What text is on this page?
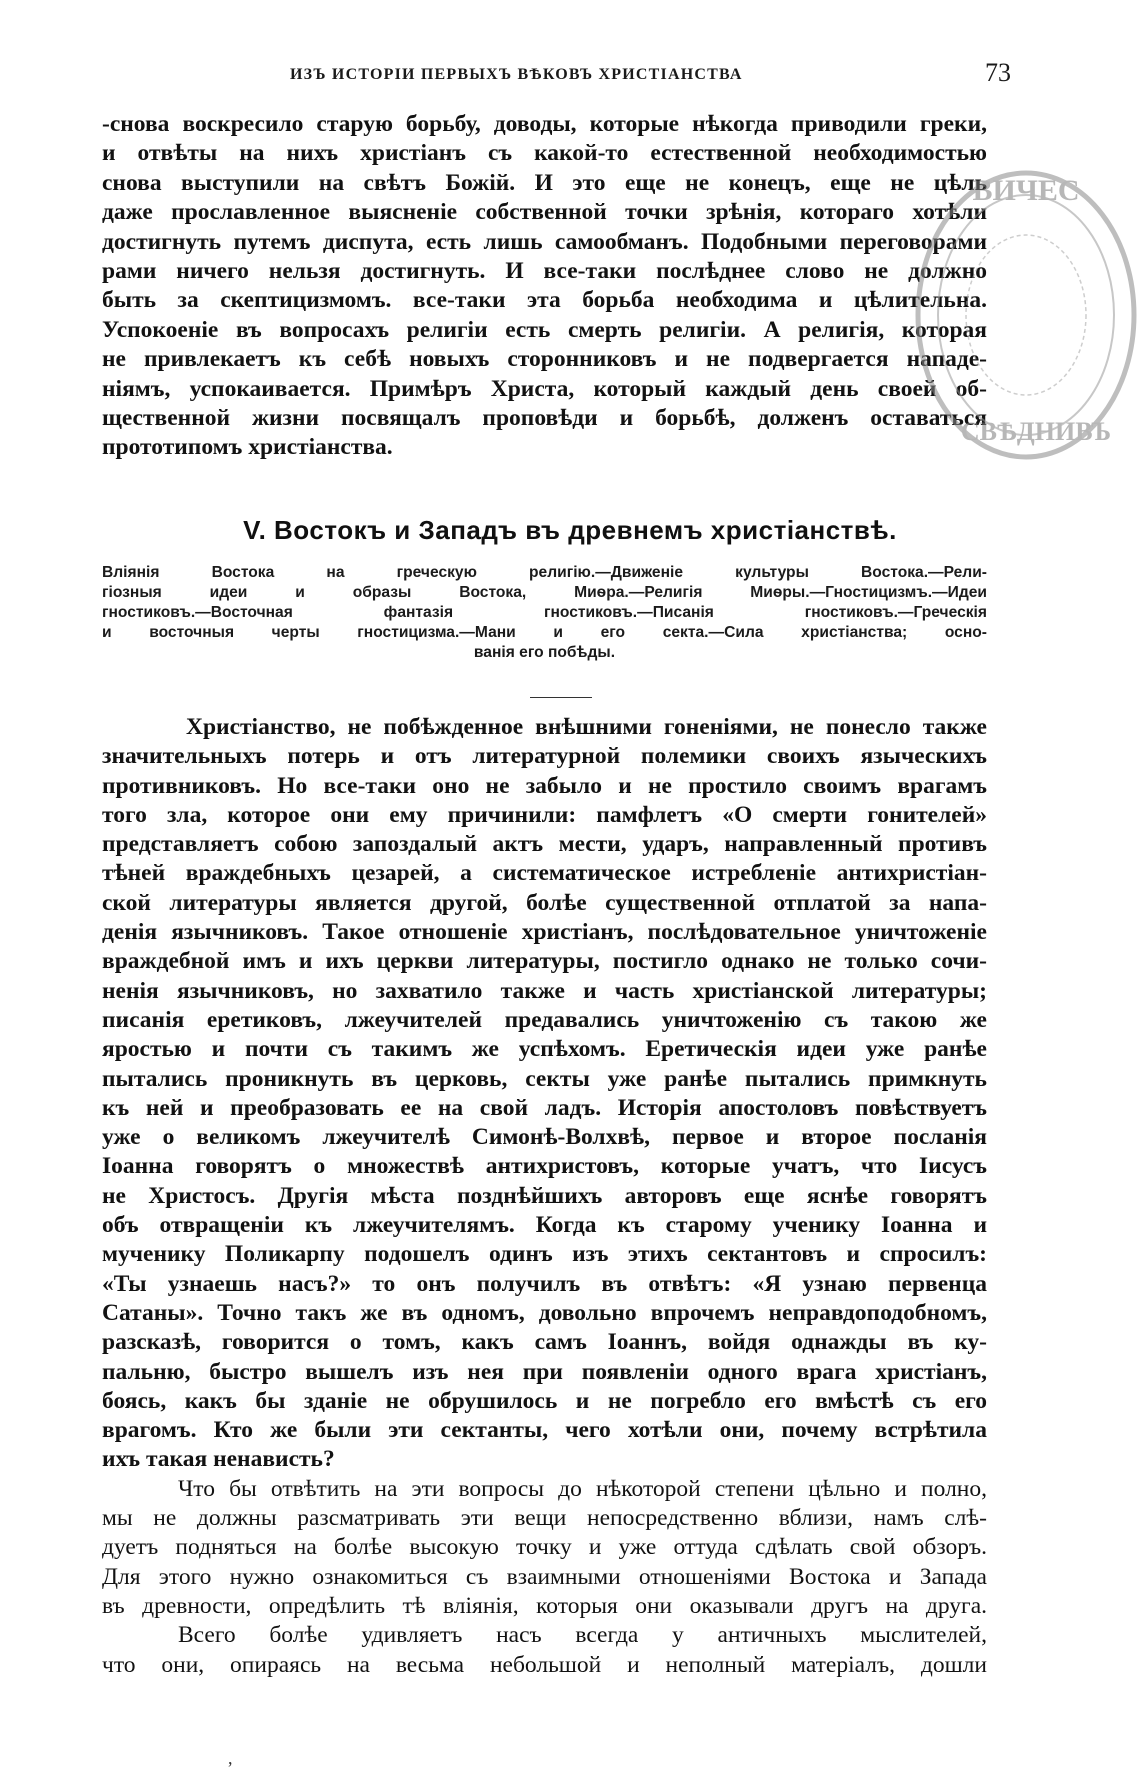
ИЗЪ ИСТОРІИ ПЕРВЫХЪ ВѢКОВЪ ХРИСТІАНСТВА	73
-снова воскресило старую борьбу, доводы, которые нѣкогда приводили греки,
и отвѣты на нихъ христіанъ съ какой-то естественной необходимостью
снова выступили на свѣтъ Божій. И это еще не конецъ, еще не цѣль
даже прославленное выясненіе собственной точки зрѣнія, котораго хотѣли
достигнуть путемъ диспута, есть лишь самообманъ. Подобными переговорами
рами ничего нельзя достигнуть. И все-таки послѣднее слово не должно
быть за скептицизмомъ. все-таки эта борьба необходима и цѣлительна.
Успокоеніе въ вопросахъ религіи есть смерть религіи. А религія, которая
не привлекаетъ къ себѣ новыхъ сторонниковъ и не подвергается нападе-
ніямъ, успокаивается. Примѣръ Христа, который каждый день своей об-
щественной жизни посвящалъ проповѣди и борьбѣ, долженъ оставаться
прототипомъ христіанства.
ВИЧЕС
СВѢДНИВЪ
V. Востокъ и Западъ въ древнемъ христіанствѣ.
Вліянія Востока на греческую религію.—Движеніе культуры Востока.—Рели-
гіозныя идеи и образы Востока, Миѳра.—Религія Миѳры.—Гностицизмъ.—Идеи
гностиковъ.—Восточная фантазія гностиковъ.—Писанія гностиковъ.—Греческія
и восточныя черты гностицизма.—Мани и его секта.—Сила христіанства; осно-
ванія его побѣды.
Христіанство, не побѣжденное внѣшними гоненіями, не понесло также
значительныхъ потерь и отъ литературной полемики своихъ языческихъ
противниковъ. Но все-таки оно не забыло и не простило своимъ врагамъ
того зла, которое они ему причинили: памфлетъ «О смерти гонителей»
представляетъ собою запоздалый актъ мести, ударъ, направленный противъ
тѣней враждебныхъ цезарей, а систематическое истребленіе антихристіан-
ской литературы является другой, болѣе существенной отплатой за напа-
денія язычниковъ. Такое отношеніе христіанъ, послѣдовательное уничтоженіе
враждебной имъ и ихъ церкви литературы, постигло однако не только сочи-
ненія язычниковъ, но захватило также и часть христіанской литературы;
писанія еретиковъ, лжеучителей предавались уничтоженію съ такою же
яростью и почти съ такимъ же успѣхомъ. Еретическія идеи уже ранѣе
пытались проникнуть въ церковь, секты уже ранѣе пытались примкнуть
къ ней и преобразовать ее на свой ладъ. Исторія апостоловъ повѣствуетъ
уже о великомъ лжеучителѣ Симонѣ-Волхвѣ, первое и второе посланія
Іоанна говорятъ о множествѣ антихристовъ, которые учатъ, что Іисусъ
не Христосъ. Другія мѣста позднѣйшихъ авторовъ еще яснѣе говорятъ
объ отвращеніи къ лжеучителямъ. Когда къ старому ученику Іоанна и
мученику Поликарпу подошелъ одинъ изъ этихъ сектантовъ и спросилъ:
«Ты узнаешь насъ?» то онъ получилъ въ отвѣтъ: «Я узнаю первенца
Сатаны». Точно такъ же въ одномъ, довольно впрочемъ неправдоподобномъ,
разсказѣ, говорится о томъ, какъ самъ Іоаннъ, войдя однажды въ ку-
пальню, быстро вышелъ изъ нея при появленіи одного врага христіанъ,
боясь, какъ бы зданіе не обрушилось и не погребло его вмѣстѣ съ его
врагомъ. Кто же были эти сектанты, чего хотѣли они, почему встрѣтила
ихъ такая ненависть?
Что бы отвѣтить на эти вопросы до нѣкоторой степени цѣльно и полно,
мы не должны разсматривать эти вещи непосредственно вблизи, намъ слѣ-
дуетъ подняться на болѣе высокую точку и уже оттуда сдѣлать свой обзоръ.
Для этого нужно ознакомиться съ взаимными отношеніями Востока и Запада
въ древности, опредѣлить тѣ вліянія, которыя они оказывали другъ на друга.
Всего болѣе удивляетъ насъ всегда у античныхъ мыслителей,
что они, опираясь на весьма небольшой и неполный матеріалъ, дошли
,
